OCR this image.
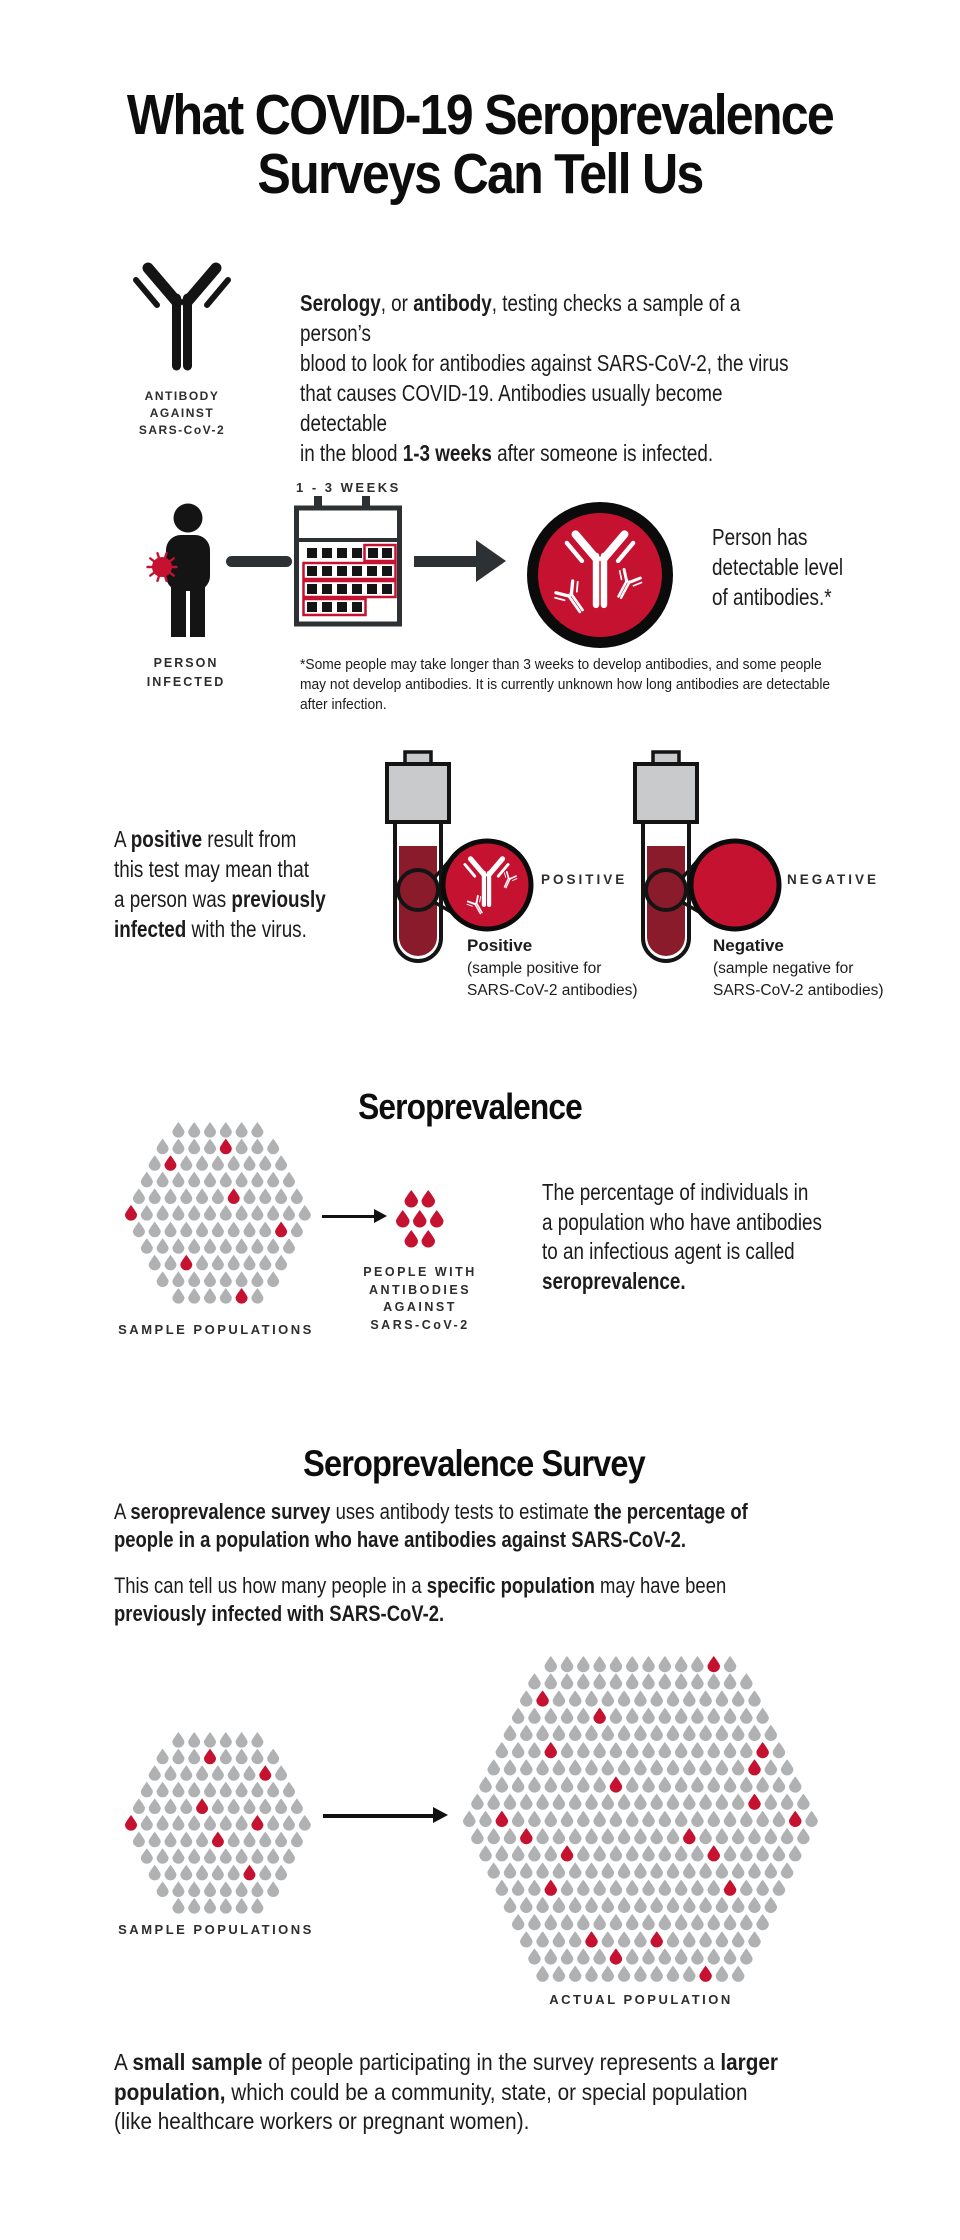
What COVID-19 Seroprevalence
Surveys Can Tell Us
ANTIBODY
AGAINST
SARS-CoV-2
Serology, or antibody, testing checks a sample of a person’s
blood to look for antibodies against SARS-CoV-2, the virus
that causes COVID-19. Antibodies usually become detectable
in the blood 1-3 weeks after someone is infected.
1 - 3 WEEKS
PERSON
INFECTED
Person has
detectable level
of antibodies.*
*Some people may take longer than 3 weeks to develop antibodies, and some people
may not develop antibodies. It is currently unknown how long antibodies are detectable
after infection.
A positive result from
this test may mean that
a person was previously
infected with the virus.
POSITIVE
Positive
(sample positive for
SARS-CoV-2 antibodies)
NEGATIVE
Negative
(sample negative for
SARS-CoV-2 antibodies)
Seroprevalence
SAMPLE POPULATIONS
PEOPLE WITH
ANTIBODIES
AGAINST
SARS-CoV-2
The percentage of individuals in
a population who have antibodies
to an infectious agent is called
seroprevalence.
Seroprevalence Survey
A seroprevalence survey uses antibody tests to estimate the percentage of
people in a population who have antibodies against SARS-CoV-2.
This can tell us how many people in a specific population may have been
previously infected with SARS-CoV-2.
SAMPLE POPULATIONS
ACTUAL POPULATION
A small sample of people participating in the survey represents a larger
population, which could be a community, state, or special population
(like healthcare workers or pregnant women).
